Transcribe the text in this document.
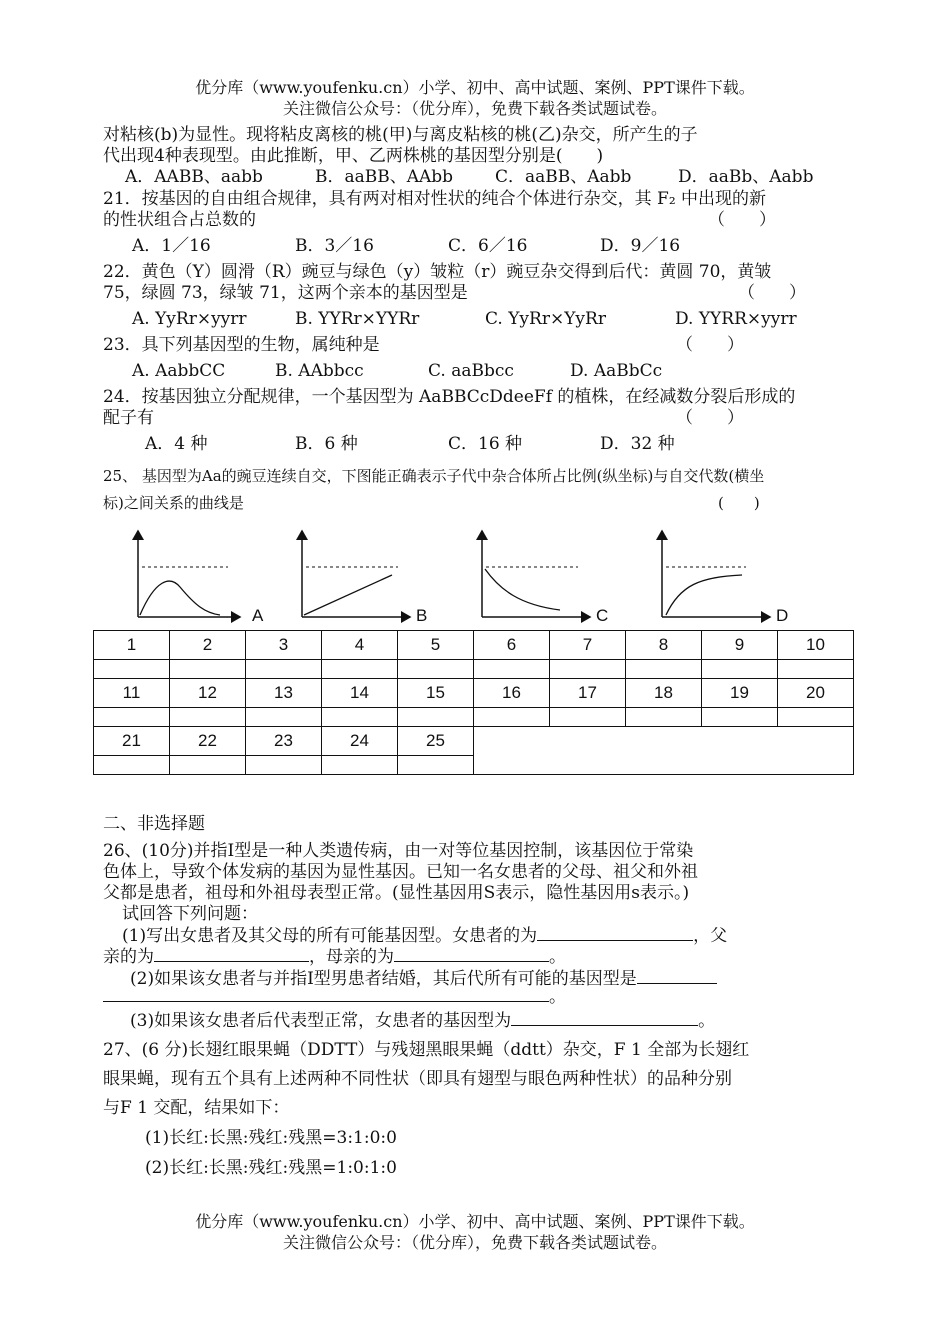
优分库（www.youfenku.cn）小学、初中、高中试题、案例、PPT课件下载。
关注微信公众号：（优分库），免费下载各类试题试卷。
对粘核(b)为显性。现将粘皮离核的桃(甲)与离皮粘核的桃(乙)杂交，所产生的子
代出现4种表现型。由此推断，甲、乙两株桃的基因型分别是(　　)
A．AABB、aabb	B．aaBB、AAbb C．aaBB、Aabb	D．aaBb、Aabb
21．按基因的自由组合规律，具有两对相对性状的纯合个体进行杂交，其 F₂ 中出现的新
的性状组合占总数的	（　　）
A．1／16	B．3／16	C．6／16	D．9／16
22．黄色（Y）圆滑（R）豌豆与绿色（y）皱粒（r）豌豆杂交得到后代：黄圆 70，黄皱
75，绿圆 73，绿皱 71，这两个亲本的基因型是	（　　）
A. YyRr×yyrr	B. YYRr×YYRr	C. YyRr×YyRr	D. YYRR×yyrr
23．具下列基因型的生物，属纯种是	（　　）
A. AabbCC	B. AAbbcc	C. aaBbcc	D. AaBbCc
24．按基因独立分配规律，一个基因型为 AaBBCcDdeeFf 的植株，在经减数分裂后形成的
配子有	（　　）
A．4 种	B．6 种	C．16 种	D．32 种
25、 基因型为Aa的豌豆连续自交，下图能正确表示子代中杂合体所占比例(纵坐标)与自交代数(横坐
标)之间关系的曲线是	(　　)
A	B	C	D
1	2	3	4	5	6	7	8	9	10

11	12	13	14	15	16	17	18	19	20

21	22	23	24	25					

二、非选择题
26、(10分)并指Ⅰ型是一种人类遗传病，由一对等位基因控制，该基因位于常染
色体上，导致个体发病的基因为显性基因。已知一名女患者的父母、祖父和外祖
父都是患者，祖母和外祖母表型正常。(显性基因用S表示，隐性基因用s表示。)
试回答下列问题：
(1)写出女患者及其父母的所有可能基因型。女患者的为	，父
亲的为	，母亲的为	。
(2)如果该女患者与并指Ⅰ型男患者结婚，其后代所有可能的基因型是
。
(3)如果该女患者后代表型正常，女患者的基因型为	。
27、(6 分)长翅红眼果蝇（DDTT）与残翅黑眼果蝇（ddtt）杂交，F 1 全部为长翅红
眼果蝇，现有五个具有上述两种不同性状（即具有翅型与眼色两种性状）的品种分别
与F 1 交配，结果如下：
(1)长红:长黑:残红:残黑=3:1:0:0
(2)长红:长黑:残红:残黑=1:0:1:0
优分库（www.youfenku.cn）小学、初中、高中试题、案例、PPT课件下载。
关注微信公众号：（优分库），免费下载各类试题试卷。
